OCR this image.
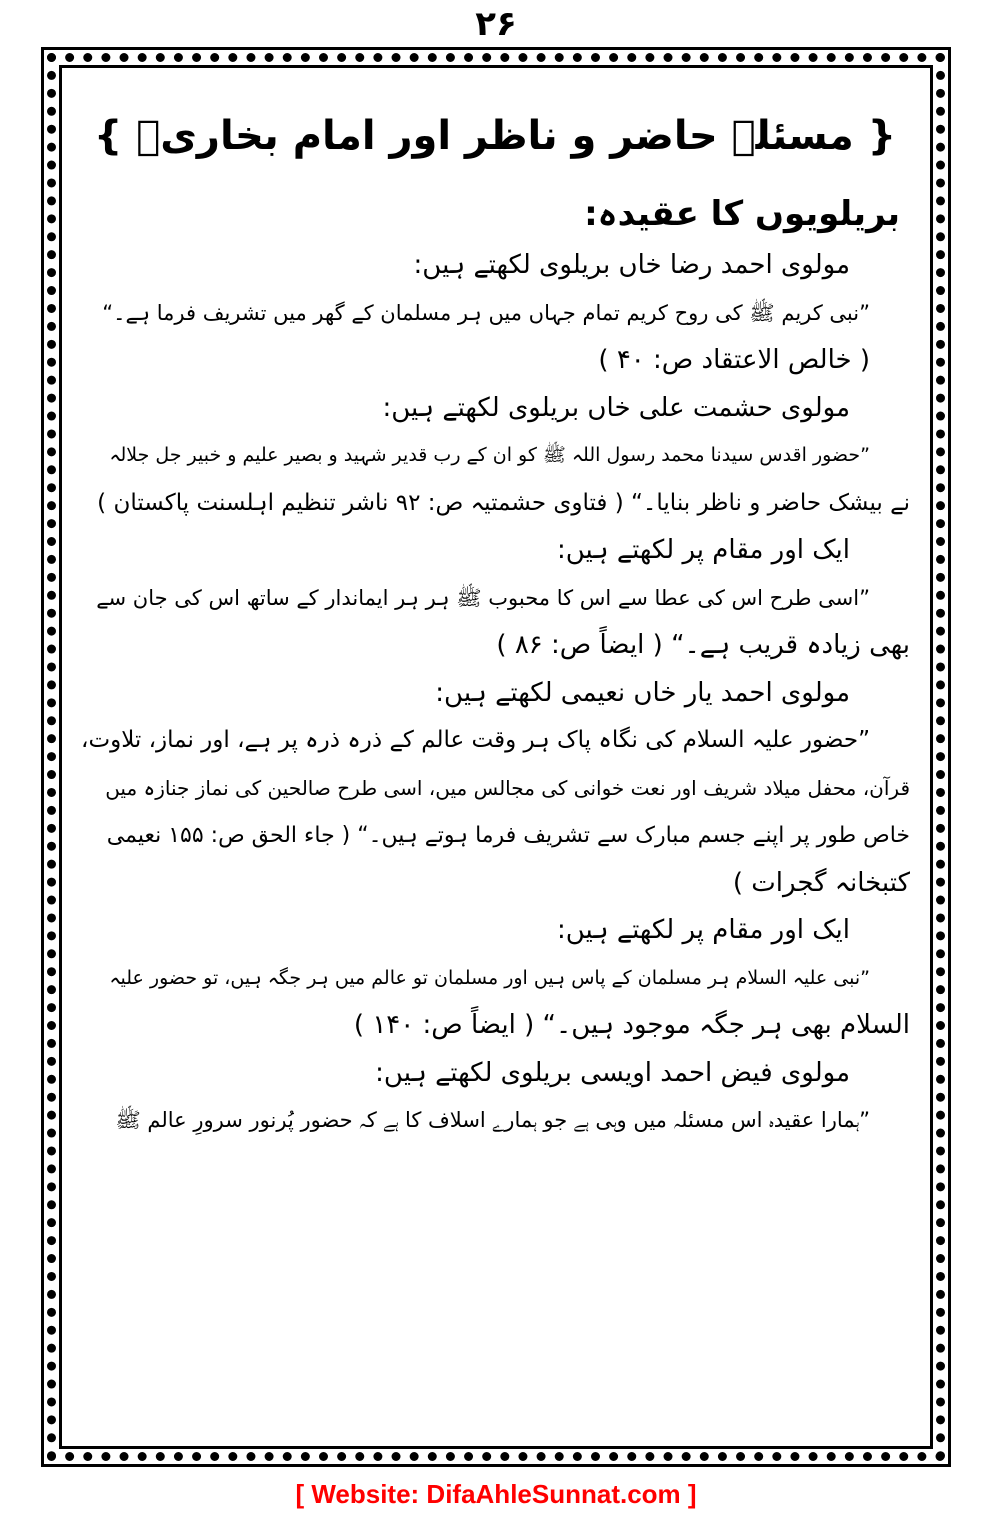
۲۶
{ مسئلہ حاضر و ناظر اور امام بخاریؒ }
بریلویوں کا عقیدہ:

مولوی احمد رضا خاں بریلوی لکھتے ہیں:

”نبی کریم ﷺ کی روح کریم تمام جہاں میں ہر مسلمان کے گھر میں تشریف فرما ہے۔“

( خالص الاعتقاد ص: ۴۰ )

مولوی حشمت علی خاں بریلوی لکھتے ہیں:

”حضور اقدس سیدنا محمد رسول اللہ ﷺ کو ان کے رب قدیر شہید و بصیر علیم و خبیر جل جلالہ

نے بیشک حاضر و ناظر بنایا۔“ ( فتاوی حشمتیہ ص: ۹۲ ناشر تنظیم اہلسنت پاکستان )

ایک اور مقام پر لکھتے ہیں:

”اسی طرح اس کی عطا سے اس کا محبوب ﷺ ہر ہر ایماندار کے ساتھ اس کی جان سے

بھی زیادہ قریب ہے۔“ ( ایضاً ص: ۸۶ )

مولوی احمد یار خاں نعیمی لکھتے ہیں:

”حضور علیہ السلام کی نگاہ پاک ہر وقت عالم کے ذرہ ذرہ پر ہے، اور نماز، تلاوت،

قرآن، محفل میلاد شریف اور نعت خوانی کی مجالس میں، اسی طرح صالحین کی نماز جنازہ میں

خاص طور پر اپنے جسم مبارک سے تشریف فرما ہوتے ہیں۔“ ( جاء الحق ص: ۱۵۵ نعیمی

کتبخانہ گجرات )

ایک اور مقام پر لکھتے ہیں:

”نبی علیہ السلام ہر مسلمان کے پاس ہیں اور مسلمان تو عالم میں ہر جگہ ہیں، تو حضور علیہ

السلام بھی ہر جگہ موجود ہیں۔“ ( ایضاً ص: ۱۴۰ )

مولوی فیض احمد اویسی بریلوی لکھتے ہیں:

”ہمارا عقیدہ اس مسئلہ میں وہی ہے جو ہمارے اسلاف کا ہے کہ حضور پُرنور سرورِ عالم ﷺ

[ Website: DifaAhleSunnat.com ]
